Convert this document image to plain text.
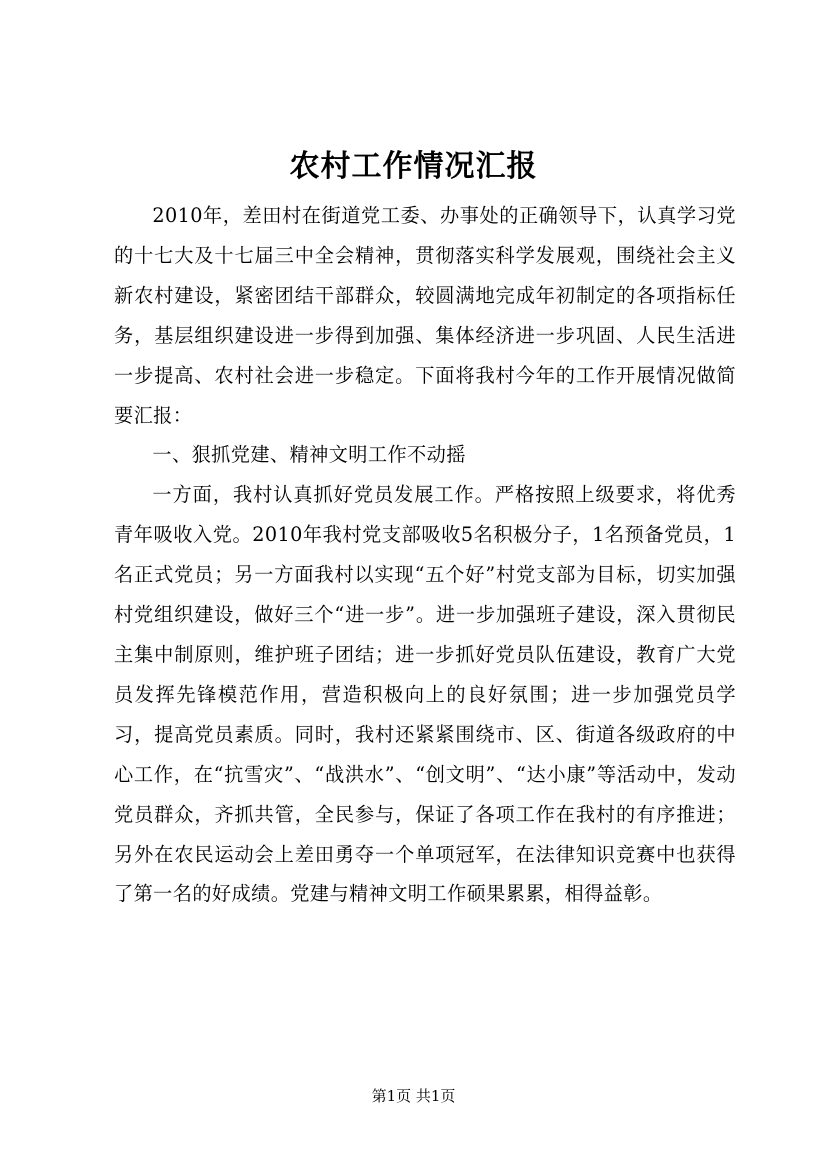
农村工作情况汇报

2010年，差田村在街道党工委、办事处的正确领导下，认真学习党的十七大及十七届三中全会精神，贯彻落实科学发展观，围绕社会主义新农村建设，紧密团结干部群众，较圆满地完成年初制定的各项指标任务，基层组织建设进一步得到加强、集体经济进一步巩固、人民生活进一步提高、农村社会进一步稳定。下面将我村今年的工作开展情况做简要汇报：

一、狠抓党建、精神文明工作不动摇

一方面，我村认真抓好党员发展工作。严格按照上级要求，将优秀青年吸收入党。2010年我村党支部吸收5名积极分子，1名预备党员，1名正式党员；另一方面我村以实现“五个好”村党支部为目标，切实加强村党组织建设，做好三个“进一步”。进一步加强班子建设，深入贯彻民主集中制原则，维护班子团结；进一步抓好党员队伍建设，教育广大党员发挥先锋模范作用，营造积极向上的良好氛围；进一步加强党员学习，提高党员素质。同时，我村还紧紧围绕市、区、街道各级政府的中心工作，在“抗雪灾”、“战洪水”、“创文明”、“达小康”等活动中，发动党员群众，齐抓共管，全民参与，保证了各项工作在我村的有序推进；另外在农民运动会上差田勇夺一个单项冠军，在法律知识竞赛中也获得了第一名的好成绩。党建与精神文明工作硕果累累，相得益彰。

第1页 共1页
